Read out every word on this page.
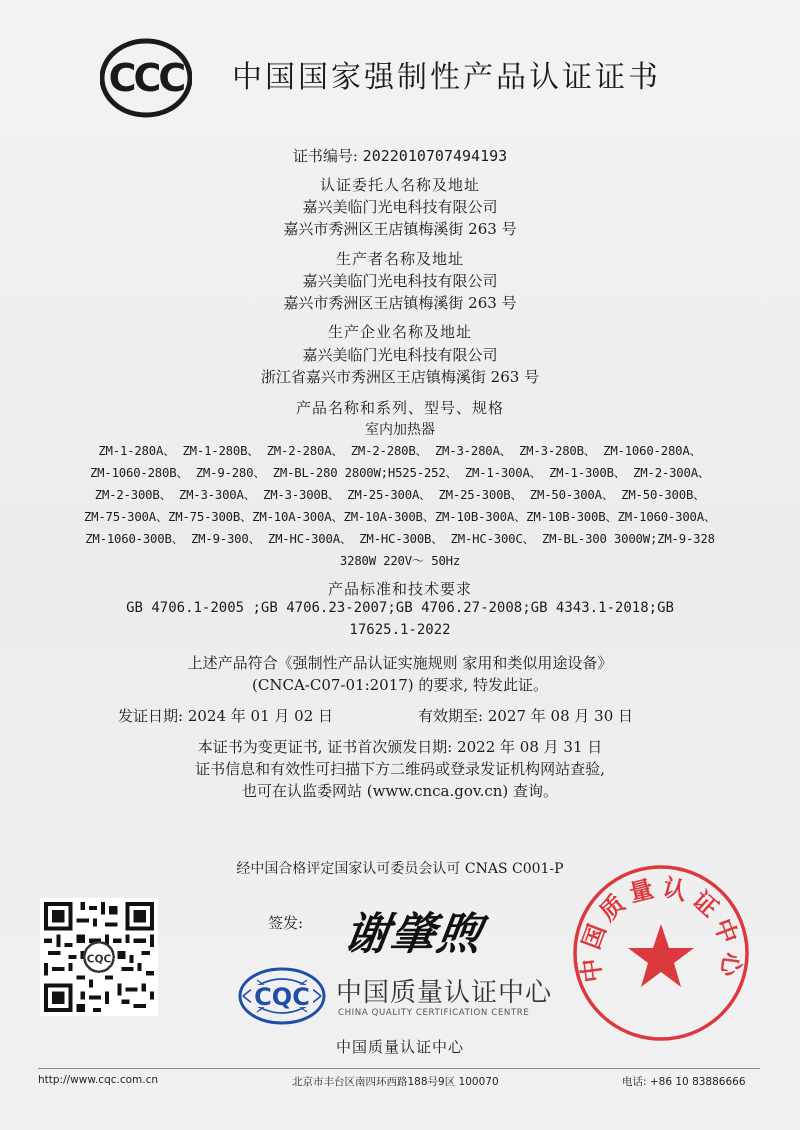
CCC 中国国家强制性产品认证证书
证书编号: 2022010707494193
认证委托人名称及地址
嘉兴美临门光电科技有限公司
嘉兴市秀洲区王店镇梅溪街 263 号
生产者名称及地址
嘉兴美临门光电科技有限公司
嘉兴市秀洲区王店镇梅溪街 263 号
生产企业名称及地址
嘉兴美临门光电科技有限公司
浙江省嘉兴市秀洲区王店镇梅溪街 263 号
产品名称和系列、型号、规格
室内加热器
ZM-1-280A、 ZM-1-280B、 ZM-2-280A、 ZM-2-280B、 ZM-3-280A、 ZM-3-280B、 ZM-1060-280A、
ZM-1060-280B、 ZM-9-280、 ZM-BL-280 2800W;H525-252、 ZM-1-300A、 ZM-1-300B、 ZM-2-300A、
ZM-2-300B、 ZM-3-300A、 ZM-3-300B、 ZM-25-300A、 ZM-25-300B、 ZM-50-300A、 ZM-50-300B、
ZM-75-300A、ZM-75-300B、ZM-10A-300A、ZM-10A-300B、ZM-10B-300A、ZM-10B-300B、ZM-1060-300A、
ZM-1060-300B、 ZM-9-300、 ZM-HC-300A、 ZM-HC-300B、 ZM-HC-300C、 ZM-BL-300 3000W;ZM-9-328
3280W 220V～ 50Hz
产品标准和技术要求
GB 4706.1-2005 ;GB 4706.23-2007;GB 4706.27-2008;GB 4343.1-2018;GB
17625.1-2022
上述产品符合《强制性产品认证实施规则 家用和类似用途设备》
(CNCA-C07-01:2017) 的要求, 特发此证。
发证日期: 2024 年 01 月 02 日	有效期至: 2027 年 08 月 30 日
本证书为变更证书, 证书首次颁发日期: 2022 年 08 月 31 日
证书信息和有效性可扫描下方二维码或登录发证机构网站查验,
也可在认监委网站 (www.cnca.gov.cn) 查询。
经中国合格评定国家认可委员会认可 CNAS C001-P
CQC
签发: 谢肇煦
CQC 中国质量认证中心
CHINA QUALITY CERTIFICATION CENTRE
中国质量认证中心
中国质量认证中心
http://www.cqc.com.cn	北京市丰台区南四环西路188号9区 100070	电话: +86 10 83886666
